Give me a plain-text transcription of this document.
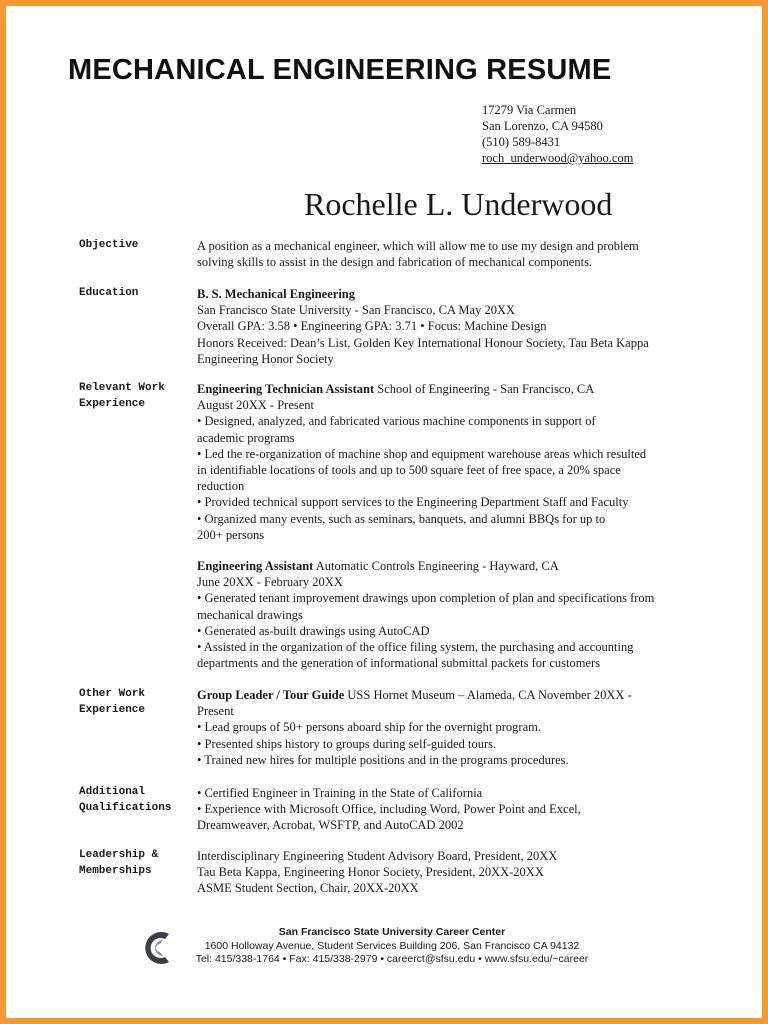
MECHANICAL ENGINEERING RESUME
17279 Via Carmen
San Lorenzo, CA 94580
(510) 589-8431
roch_underwood@yahoo.com
Rochelle L. Underwood
Objective	A position as a mechanical engineer, which will allow me to use my design and problem

solving skills to assist in the design and fabrication of mechanical components.

Education	B. S. Mechanical Engineering

San Francisco State University - San Francisco, CA May 20XX

Overall GPA: 3.58 • Engineering GPA: 3.71 • Focus: Machine Design

Honors Received: Dean’s List, Golden Key International Honour Society, Tau Beta Kappa

Engineering Honor Society

Relevant Work
Experience

Engineering Technician Assistant School of Engineering - San Francisco, CA

August 20XX - Present

• Designed, analyzed, and fabricated various machine components in support of

academic programs

• Led the re-organization of machine shop and equipment warehouse areas which resulted

in identifiable locations of tools and up to 500 square feet of free space, a 20% space

reduction

• Provided technical support services to the Engineering Department Staff and Faculty

• Organized many events, such as seminars, banquets, and alumni BBQs for up to

200+ persons

Engineering Assistant Automatic Controls Engineering - Hayward, CA

June 20XX - February 20XX

• Generated tenant improvement drawings upon completion of plan and specifications from

mechanical drawings

• Generated as-built drawings using AutoCAD

• Assisted in the organization of the office filing system, the purchasing and accounting

departments and the generation of informational submittal packets for customers

Other Work
Experience

Group Leader / Tour Guide USS Hornet Museum – Alameda, CA November 20XX -

Present

• Lead groups of 50+ persons aboard ship for the overnight program.

• Presented ships history to groups during self-guided tours.

• Trained new hires for multiple positions and in the programs procedures.

Additional
Qualifications

• Certified Engineer in Training in the State of California

• Experience with Microsoft Office, including Word, Power Point and Excel,

Dreamweaver, Acrobat, WSFTP, and AutoCAD 2002

Leadership &
Memberships

Interdisciplinary Engineering Student Advisory Board, President, 20XX

Tau Beta Kappa, Engineering Honor Society, President, 20XX-20XX

ASME Student Section, Chair, 20XX-20XX

San Francisco State University Career Center
1600 Holloway Avenue, Student Services Building 206, San Francisco CA 94132
Tel: 415/338-1764 • Fax: 415/338-2979 • careerct@sfsu.edu • www.sfsu.edu/~career
